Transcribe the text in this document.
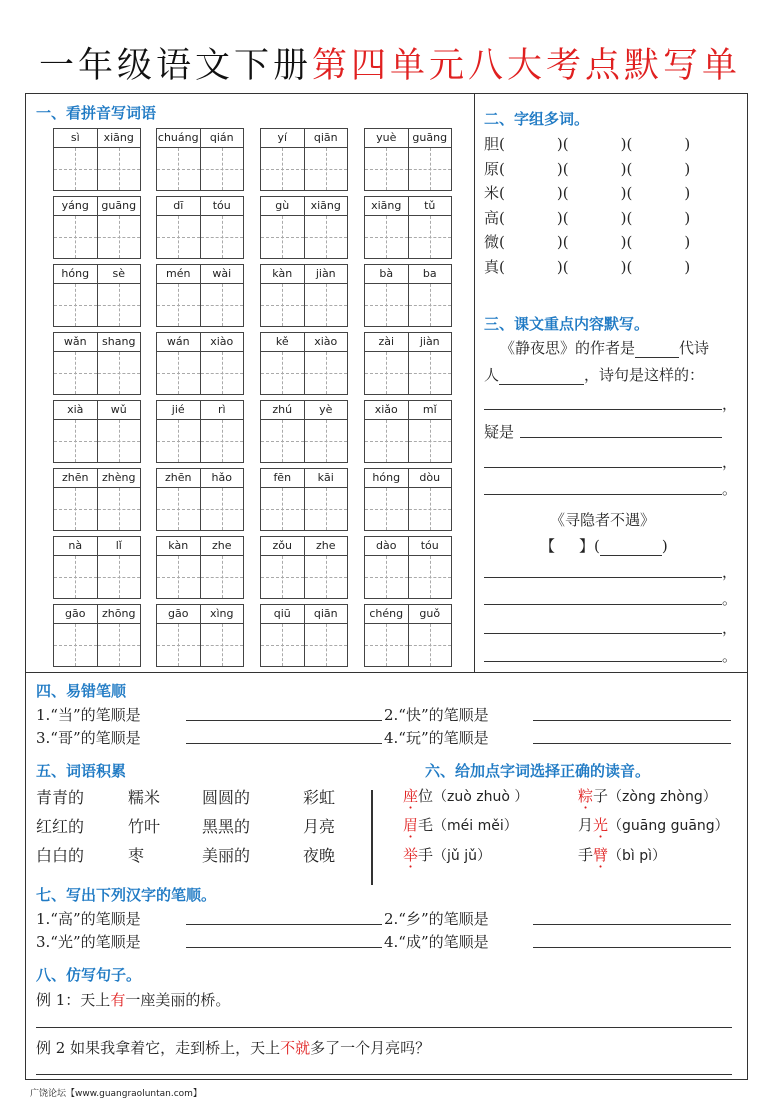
一年级语文下册第四单元八大考点默写单
一、看拼音写词语
sì	xiāng	chuáng	qián	yí	qiān	yuè	guāng
yáng	guāng	dī	tóu	gù	xiāng	xiāng	tǔ
hóng	sè	mén	wài	kàn	jiàn	bà	ba
wǎn	shang	wán	xiào	kě	xiào	zài	jiàn
xià	wǔ	jié	rì	zhú	yè	xiǎo	mǐ
zhēn	zhèng	zhēn	hǎo	fēn	kāi	hóng	dòu
nà	lǐ	kàn	zhe	zǒu	zhe	dào	tóu
gāo	zhōng	gāo	xìng	qiū	qiān	chéng	guǒ
二、字组多词。
胆(	)(	)(	)
原(	)(	)(	)
米(	)(	)(	)
高(	)(	)(	)
微(	)(	)(	)
真(	)(	)(	)
三、课文重点内容默写。
《静夜思》的作者是	代诗
人	，诗句是这样的：
，
疑是
，
。
《寻隐者不遇》
【 】(	)
，
。
，
。
四、易错笔顺
1.“当”的笔顺是	2.“快”的笔顺是
3.“哥”的笔顺是	4.“玩”的笔顺是
五、词语积累
青青的	糯米	圆圆的	彩虹
红红的	竹叶	黑黑的	月亮
白白的	枣	美丽的	夜晚
六、给加点字词选择正确的读音。
座位（zuò zhuò ）	粽子（zòng zhòng）
眉毛（méi měi）	月光（guāng guāng）
举手（jǔ jǔ）	手臂（bì pì）
七、写出下列汉字的笔顺。
1.“高”的笔顺是	2.“乡”的笔顺是
3.“光”的笔顺是	4.“成”的笔顺是
八、仿写句子。
例 1：天上有一座美丽的桥。
例 2 如果我拿着它，走到桥上，天上不就多了一个月亮吗？
广饶论坛【www.guangraoluntan.com】
